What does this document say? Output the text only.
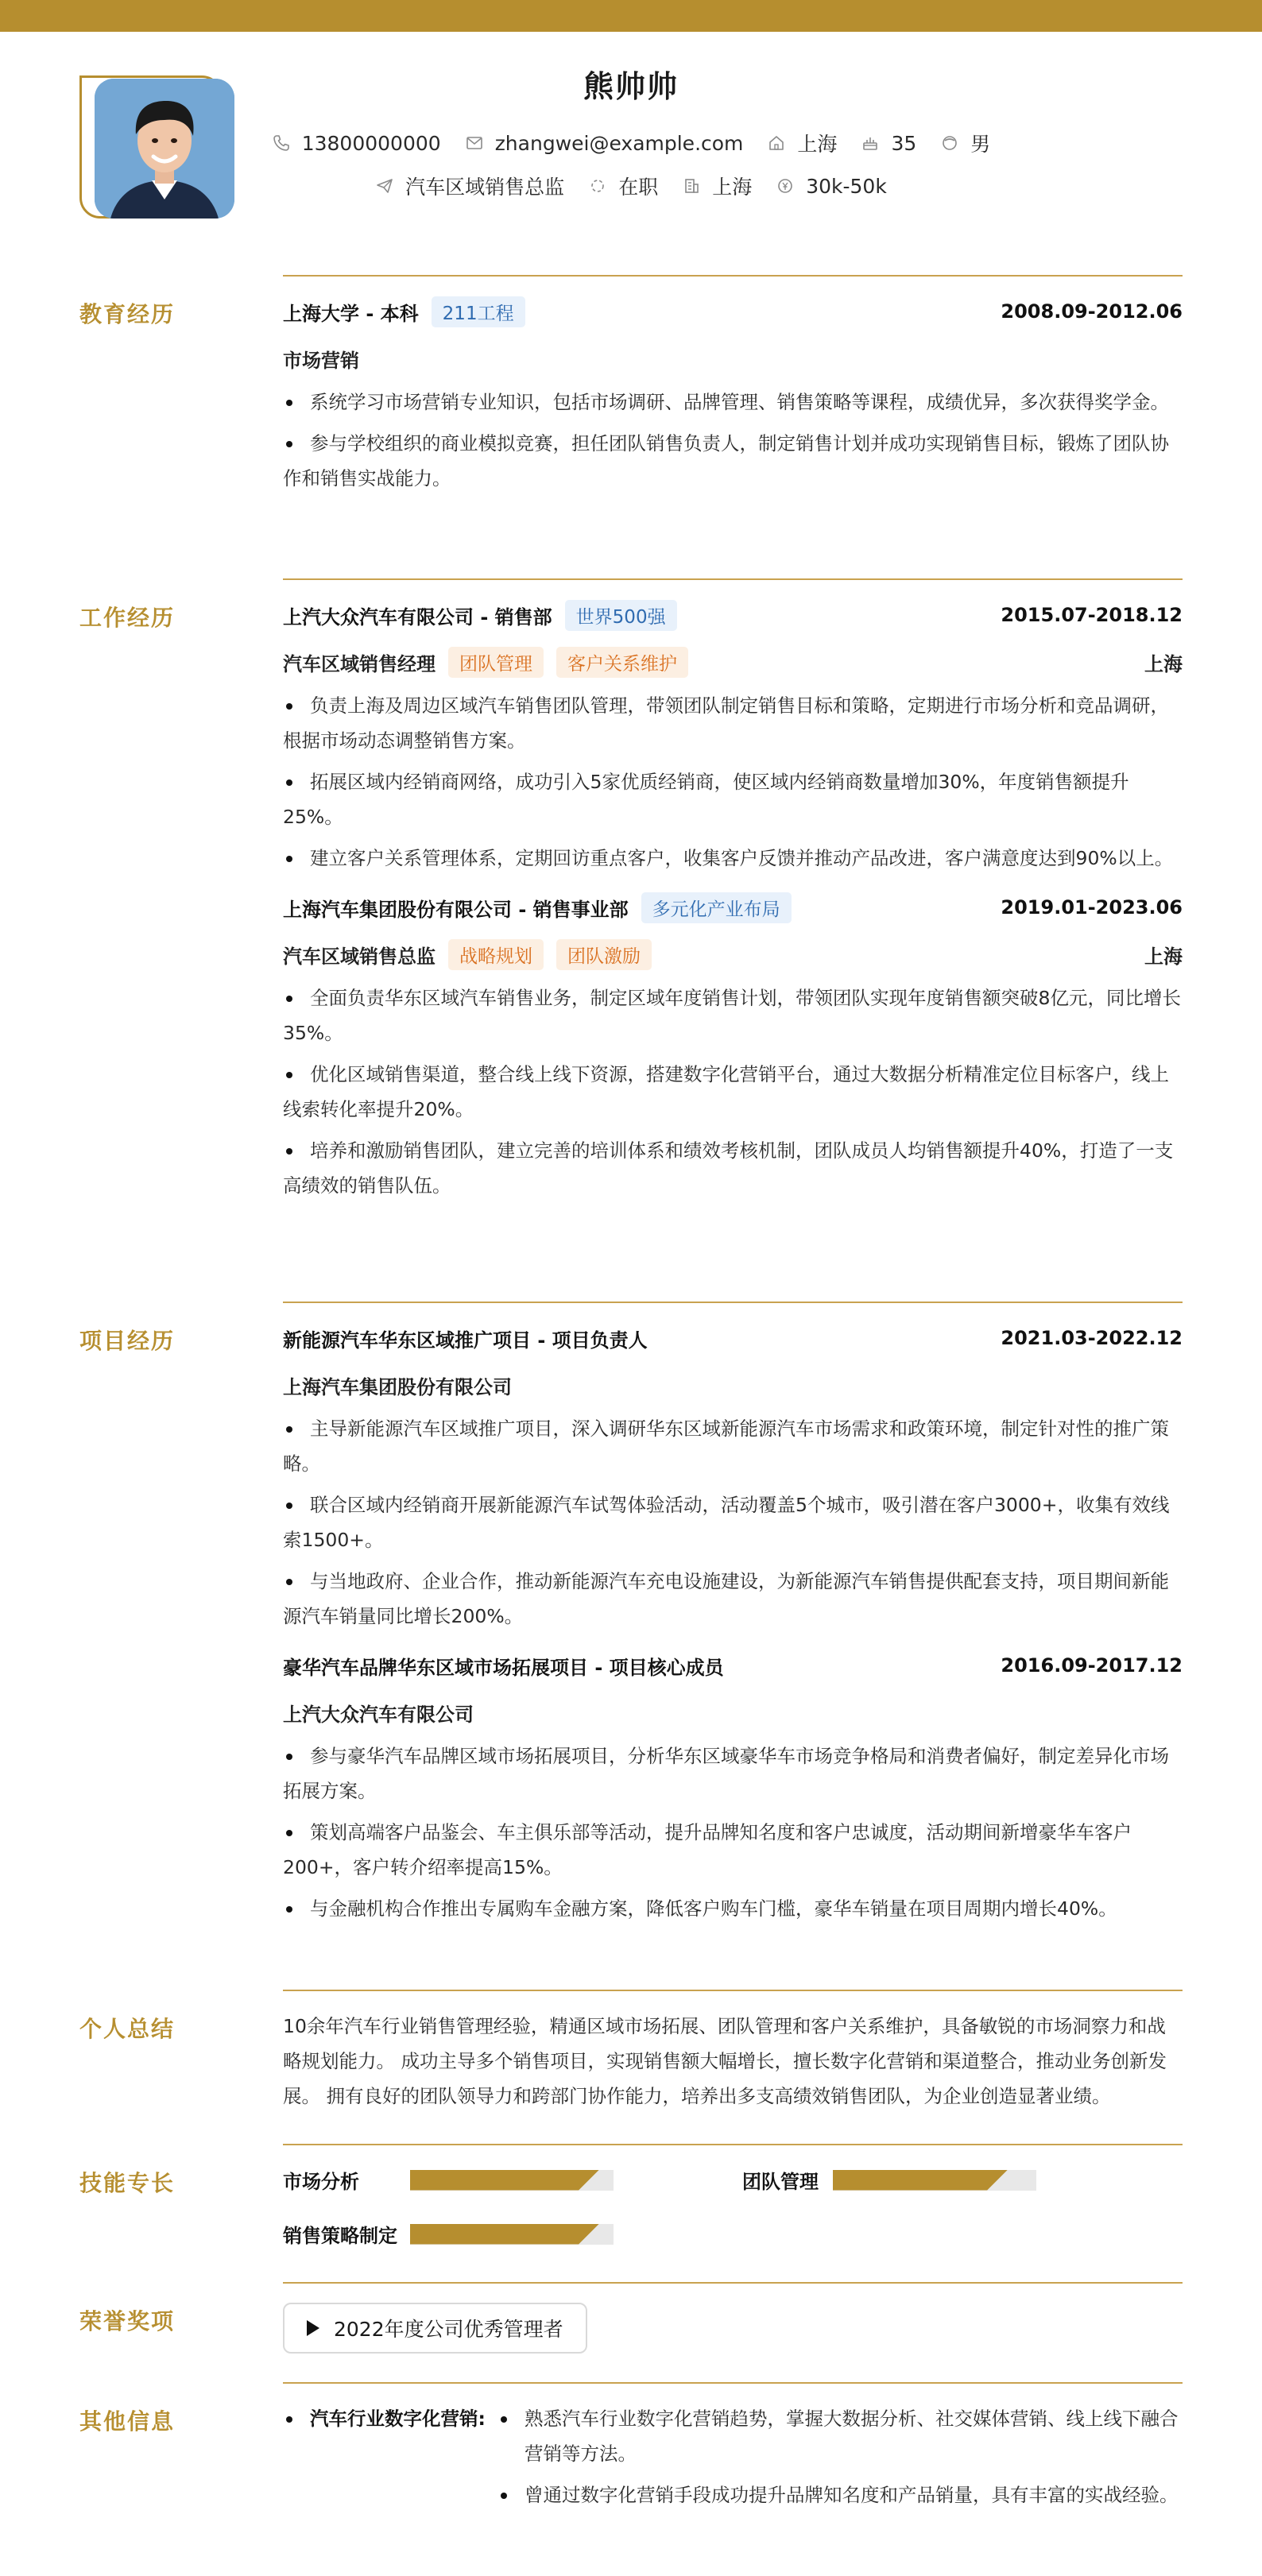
熊帅帅
13800000000	zhangwei@example.com	上海	35	男
汽车区域销售总监	在职	上海	30k-50k
教育经历	上海大学 - 本科	211工程	2008.09-2012.06
市场营销
系统学习市场营销专业知识，包括市场调研、品牌管理、销售策略等课程，成绩优异，多次获得奖学金。
参与学校组织的商业模拟竞赛，担任团队销售负责人，制定销售计划并成功实现销售目标，锻炼了团队协作和销售实战能力。
工作经历	上汽大众汽车有限公司 - 销售部	世界500强	2015.07-2018.12
汽车区域销售经理	团队管理	客户关系维护	上海
负责上海及周边区域汽车销售团队管理，带领团队制定销售目标和策略，定期进行市场分析和竞品调研，根据市场动态调整销售方案。
拓展区域内经销商网络，成功引入5家优质经销商，使区域内经销商数量增加30%，年度销售额提升25%。
建立客户关系管理体系，定期回访重点客户，收集客户反馈并推动产品改进，客户满意度达到90%以上。
上海汽车集团股份有限公司 - 销售事业部	多元化产业布局	2019.01-2023.06
汽车区域销售总监	战略规划	团队激励	上海
全面负责华东区域汽车销售业务，制定区域年度销售计划，带领团队实现年度销售额突破8亿元，同比增长35%。
优化区域销售渠道，整合线上线下资源，搭建数字化营销平台，通过大数据分析精准定位目标客户，线上线索转化率提升20%。
培养和激励销售团队，建立完善的培训体系和绩效考核机制，团队成员人均销售额提升40%，打造了一支高绩效的销售队伍。
项目经历	新能源汽车华东区域推广项目 - 项目负责人	2021.03-2022.12
上海汽车集团股份有限公司
主导新能源汽车区域推广项目，深入调研华东区域新能源汽车市场需求和政策环境，制定针对性的推广策略。
联合区域内经销商开展新能源汽车试驾体验活动，活动覆盖5个城市，吸引潜在客户3000+，收集有效线索1500+。
与当地政府、企业合作，推动新能源汽车充电设施建设，为新能源汽车销售提供配套支持，项目期间新能源汽车销量同比增长200%。
豪华汽车品牌华东区域市场拓展项目 - 项目核心成员	2016.09-2017.12
上汽大众汽车有限公司
参与豪华汽车品牌区域市场拓展项目，分析华东区域豪华车市场竞争格局和消费者偏好，制定差异化市场拓展方案。
策划高端客户品鉴会、车主俱乐部等活动，提升品牌知名度和客户忠诚度，活动期间新增豪华车客户200+，客户转介绍率提高15%。
与金融机构合作推出专属购车金融方案，降低客户购车门槛，豪华车销量在项目周期内增长40%。
个人总结	10余年汽车行业销售管理经验，精通区域市场拓展、团队管理和客户关系维护，具备敏锐的市场洞察力和战略规划能力。 成功主导多个销售项目，实现销售额大幅增长，擅长数字化营销和渠道整合，推动业务创新发展。 拥有良好的团队领导力和跨部门协作能力，培养出多支高绩效销售团队，为企业创造显著业绩。
技能专长	市场分析	团队管理
销售策略制定
荣誉奖项	2022年度公司优秀管理者
其他信息	汽车行业数字化营销:	熟悉汽车行业数字化营销趋势，掌握大数据分析、社交媒体营销、线上线下融合营销等方法。
曾通过数字化营销手段成功提升品牌知名度和产品销量，具有丰富的实战经验。
